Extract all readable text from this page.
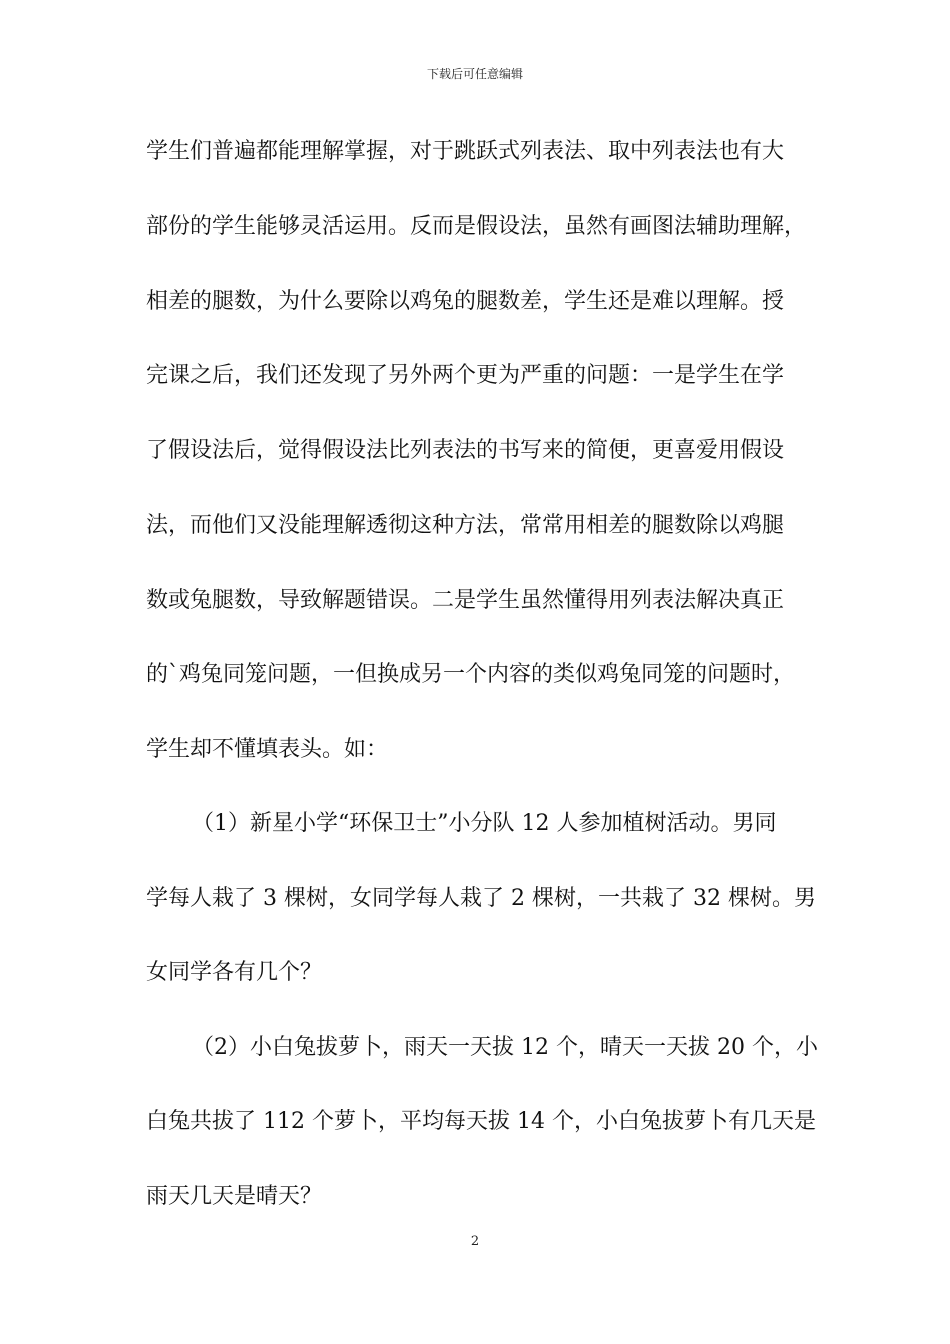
下载后可任意编辑
学生们普遍都能理解掌握，对于跳跃式列表法、取中列表法也有大
部份的学生能够灵活运用。反而是假设法，虽然有画图法辅助理解，
相差的腿数，为什么要除以鸡兔的腿数差，学生还是难以理解。授
完课之后，我们还发现了另外两个更为严重的问题：一是学生在学
了假设法后，觉得假设法比列表法的书写来的简便，更喜爱用假设
法，而他们又没能理解透彻这种方法，常常用相差的腿数除以鸡腿
数或兔腿数，导致解题错误。二是学生虽然懂得用列表法解决真正
的`鸡兔同笼问题，一但换成另一个内容的类似鸡兔同笼的问题时，
学生却不懂填表头。如：
（1）新星小学“环保卫士”小分队 12 人参加植树活动。男同
学每人栽了 3 棵树，女同学每人栽了 2 棵树，一共栽了 32 棵树。男
女同学各有几个？
（2）小白兔拔萝卜，雨天一天拔 12 个，晴天一天拔 20 个，小
白兔共拔了 112 个萝卜，平均每天拔 14 个，小白兔拔萝卜有几天是
雨天几天是晴天？
2
